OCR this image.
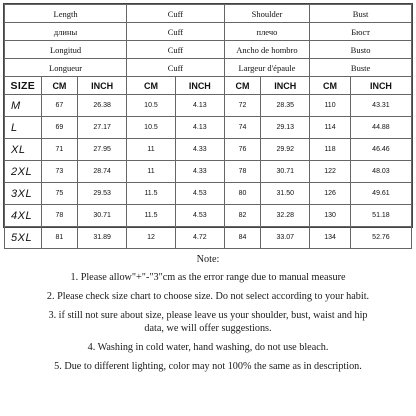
Length			Cuff		Shoulder		Bust	
длины			Cuff		плечо		Бюст	
Longitud			Cuff		Ancho de hombro		Busto	
Longueur			Cuff		Largeur d'épaule		Buste	
SIZE	CM	INCH	CM	INCH	CM	INCH	CM	INCH
M	67	26.38	10.5	4.13	72	28.35	110	43.31
L	69	27.17	10.5	4.13	74	29.13	114	44.88
XL	71	27.95	11	4.33	76	29.92	118	46.46
2XL	73	28.74	11	4.33	78	30.71	122	48.03
3XL	75	29.53	11.5	4.53	80	31.50	126	49.61
4XL	78	30.71	11.5	4.53	82	32.28	130	51.18
5XL	81	31.89	12	4.72	84	33.07	134	52.76
Note:
1. Please allow"+"-"3"cm as the error range due to manual measure
2. Please check size chart to choose size. Do not select according to your habit.
3. if still not sure about size, please leave us your shoulder, bust, waist and hip
data, we will offer suggestions.
4. Washing in cold water, hand washing, do not use bleach.
5. Due to different lighting, color may not 100% the same as in description.
